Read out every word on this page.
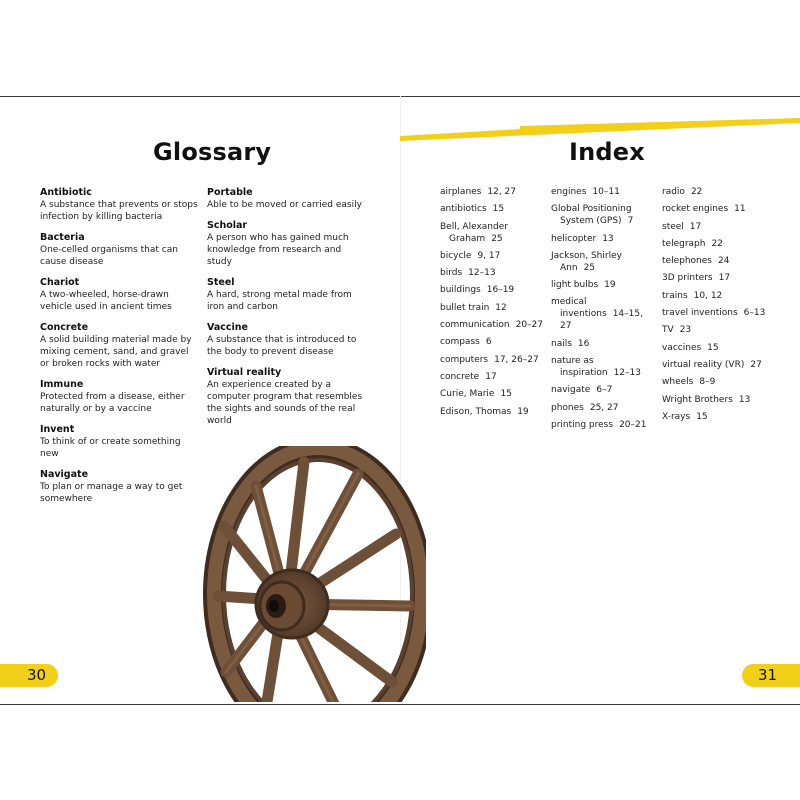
Glossary	Index
Antibiotic
A substance that prevents or stops infection by killing bacteria
Bacteria
One-celled organisms that can cause disease
Chariot
A two-wheeled, horse-drawn vehicle used in ancient times
Concrete
A solid building material made by mixing cement, sand, and gravel or broken rocks with water
Immune
Protected from a disease, either naturally or by a vaccine
Invent
To think of or create something new
Navigate
To plan or manage a way to get somewhere
Portable
Able to be moved or carried easily
Scholar
A person who has gained much knowledge from research and study
Steel
A hard, strong metal made from iron and carbon
Vaccine
A substance that is introduced to the body to prevent disease
Virtual reality
An experience created by a computer program that resembles the sights and sounds of the real world
airplanes 12, 27
antibiotics 15
Bell, Alexander Graham 25
bicycle 9, 17
birds 12–13
buildings 16–19
bullet train 12
communication 20–27
compass 6
computers 17, 26–27
concrete 17
Curie, Marie 15
Edison, Thomas 19
engines 10–11
Global Positioning System (GPS) 7
helicopter 13
Jackson, Shirley Ann 25
light bulbs 19
medical inventions 14–15, 27
nails 16
nature as inspiration 12–13
navigate 6–7
phones 25, 27
printing press 20–21
radio 22
rocket engines 11
steel 17
telegraph 22
telephones 24
3D printers 17
trains 10, 12
travel inventions 6–13
TV 23
vaccines 15
virtual reality (VR) 27
wheels 8–9
Wright Brothers 13
X-rays 15
30	31
